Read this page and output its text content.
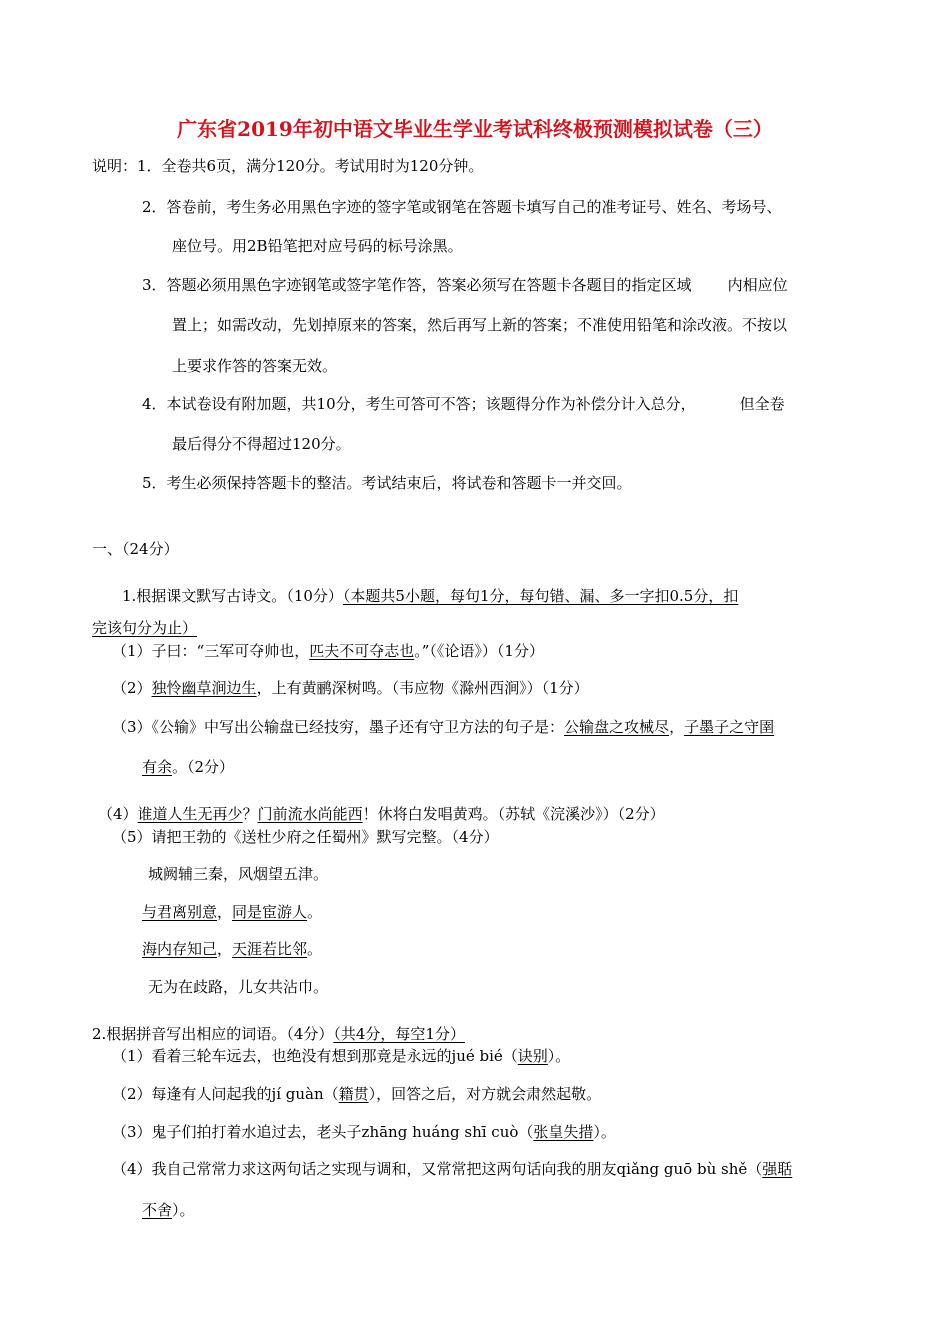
广东省2019年初中语文毕业生学业考试科终极预测模拟试卷（三）
说明：1．全卷共6页，满分120分。考试用时为120分钟。
2．答卷前，考生务必用黑色字迹的签字笔或钢笔在答题卡填写自己的准考证号、姓名、考场号、
座位号。用2B铅笔把对应号码的标号涂黑。
3．答题必须用黑色字迹钢笔或签字笔作答，答案必须写在答题卡各题目的指定区域 内相应位
置上；如需改动，先划掉原来的答案，然后再写上新的答案；不准使用铅笔和涂改液。不按以
上要求作答的答案无效。
4．本试卷设有附加题，共10分，考生可答可不答；该题得分作为补偿分计入总分，	但全卷
最后得分不得超过120分。
5．考生必须保持答题卡的整洁。考试结束后，将试卷和答题卡一并交回。
一、（24分）
1.根据课文默写古诗文。（10分）（本题共5小题，每句1分，每句错、漏、多一字扣0.5分，扣
完该句分为止）
（1）子曰：“三军可夺帅也，匹夫不可夺志也。”（《论语》）（1分）
（2）独怜幽草涧边生，上有黄鹂深树鸣。（韦应物《滁州西涧》）（1分）
（3）《公输》中写出公输盘已经技穷，墨子还有守卫方法的句子是：公输盘之攻械尽，子墨子之守圉
有余。（2分）
（4）谁道人生无再少？门前流水尚能西！休将白发唱黄鸡。（苏轼《浣溪沙》）（2分）
（5）请把王勃的《送杜少府之任蜀州》默写完整。（4分）
城阙辅三秦，风烟望五津。
与君离别意，同是宦游人。
海内存知己，天涯若比邻。
无为在歧路，儿女共沾巾。
2.根据拼音写出相应的词语。（4分）（共4分，每空1分）
（1）看着三轮车远去，也绝没有想到那竟是永远的jué bié（诀别）。
（2）每逢有人问起我的jí guàn（籍贯），回答之后，对方就会肃然起敬。
（3）鬼子们拍打着水追过去，老头子zhāng huáng shī cuò（张皇失措）。
（4）我自己常常力求这两句话之实现与调和，又常常把这两句话向我的朋友qiǎng guō bù shě（强聒
不舍）。
